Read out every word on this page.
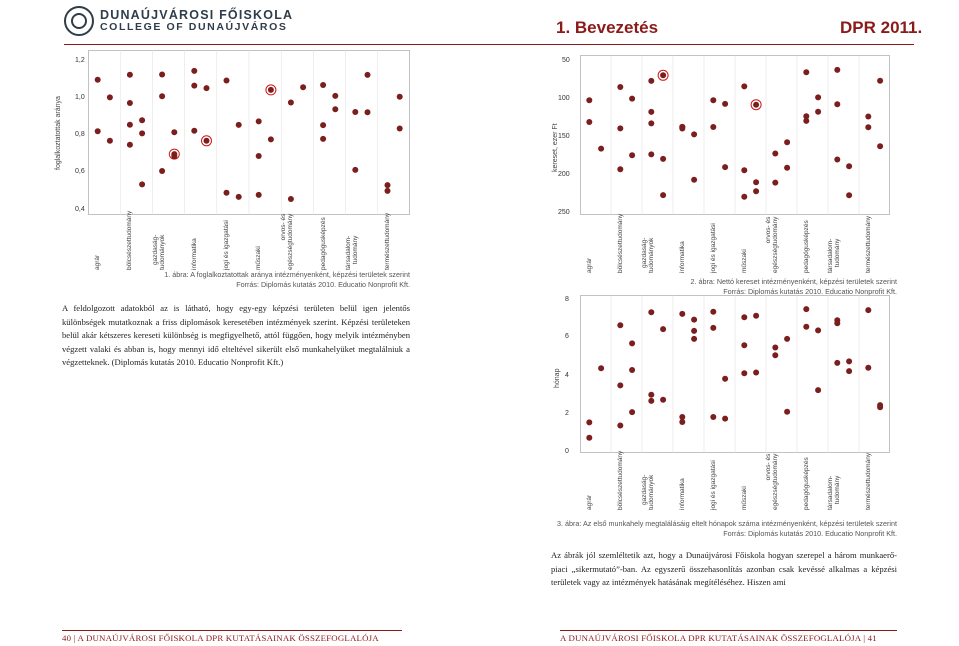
DUNAÚJVÁROSI FŐISKOLA
COLLEGE OF DUNAÚJVÁROS	1. Bevezetés	DPR 2011.
foglalkoztatottak aránya
1,2
1,0
0,8
0,6
0,4
agrár	bölcsészettudomány	gazdaság-
tudományok	informatika	jogi és igazgatási	műszaki
orvos- és
egészségtudomány	pedagógusképzés	társadalom-
tudomány	természettudomány
1. ábra: A foglalkoztatottak aránya intézményenként, képzési területek szerint
Forrás: Diplomás kutatás 2010. Educatio Nonprofit Kft.
A feldolgozott adatokból az is látható, hogy egy-egy képzési területen belül igen jelentős különbségek mutatkoznak a friss diplomások keresetében intézmények szerint. Képzési területeken belül akár kétszeres kereseti különbség is megfigyelhető, attól függően, hogy melyik intézményben végzett valaki és abban is, hogy mennyi idő elteltével sikerült első munkahelyüket megtalálniuk a végzetteknek. (Diplomás kutatás 2010. Educatio Nonprofit Kft.)
kereset, ezer Ft
50
100
150
200
250
agrár	bölcsészettudomány	gazdaság-
tudományok	informatika	jogi és igazgatási	műszaki
orvos- és
egészségtudomány	pedagógusképzés	társadalom-
tudomány	természettudomány
2. ábra: Nettó kereset intézményenként, képzési területek szerint
Forrás: Diplomás kutatás 2010. Educatio Nonprofit Kft.
hónap
8
6
4
2
0
agrár	bölcsészettudomány	gazdaság-
tudományok	informatika	jogi és igazgatási	műszaki
orvos- és
egészségtudomány	pedagógusképzés	társadalom-
tudomány	természettudomány
3. ábra: Az első munkahely megtalálásáig eltelt hónapok száma intézményenként, képzési területek szerint
Forrás: Diplomás kutatás 2010. Educatio Nonprofit Kft.
Az ábrák jól szemléltetik azt, hogy a Dunaújvárosi Főiskola hogyan szerepel a három munkaerő-piaci „sikermutató”-ban. Az egyszerű összehasonlítás azonban csak kevéssé alkalmas a képzési területek vagy az intézmények hatásának megítéléséhez. Hiszen ami
40 | A DUNAÚJVÁROSI FŐISKOLA DPR KUTATÁSAINAK ÖSSZEFOGLALÓJA	A DUNAÚJVÁROSI FŐISKOLA DPR KUTATÁSAINAK ÖSSZEFOGLALÓJA | 41
